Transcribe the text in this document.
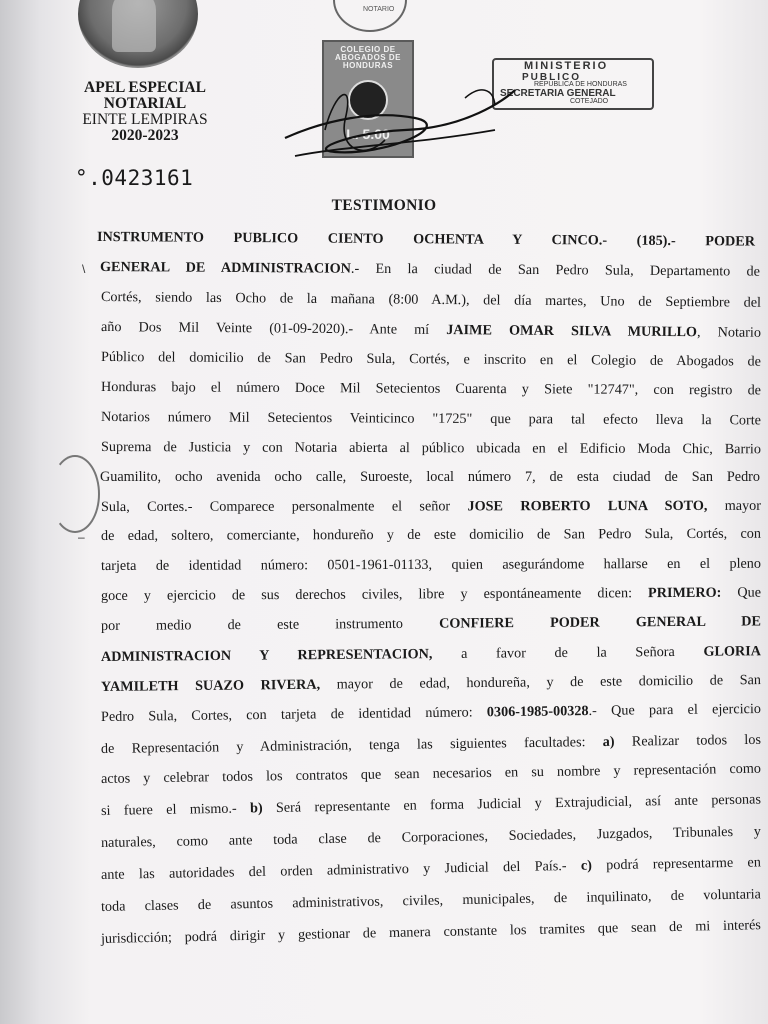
APEL ESPECIAL
NOTARIAL
EINTE LEMPIRAS
2020-2023
°.0423161
NOTARIO
COLEGIO DE ABOGADOS DE HONDURAS
L. 5.00
MINISTERIO
PUBLICO
REPUBLICA DE HONDURAS
SECRETARIA GENERAL
COTEJADO
TESTIMONIO
INSTRUMENTO PUBLICO CIENTO OCHENTA Y CINCO.- (185).- PODER
GENERAL DE ADMINISTRACION.- En la ciudad de San Pedro Sula, Departamento de
Cortés, siendo las Ocho de la mañana (8:00 A.M.), del día martes, Uno de Septiembre del
año Dos Mil Veinte (01-09-2020).- Ante mí JAIME OMAR SILVA MURILLO, Notario
Público del domicilio de San Pedro Sula, Cortés, e inscrito en el Colegio de Abogados de
Honduras bajo el número Doce Mil Setecientos Cuarenta y Siete "12747", con registro de
Notarios número Mil Setecientos Veinticinco "1725" que para tal efecto lleva la Corte
Suprema de Justicia y con Notaria abierta al público ubicada en el Edificio Moda Chic, Barrio
Guamilito, ocho avenida ocho calle, Suroeste, local número 7, de esta ciudad de San Pedro
Sula, Cortes.- Comparece personalmente el señor JOSE ROBERTO LUNA SOTO, mayor
de edad, soltero, comerciante, hondureño y de este domicilio de San Pedro Sula, Cortés, con
tarjeta de identidad número: 0501-1961-01133, quien asegurándome hallarse en el pleno
goce y ejercicio de sus derechos civiles, libre y espontáneamente dicen: PRIMERO: Que
por medio de este instrumento CONFIERE PODER GENERAL DE
ADMINISTRACION Y REPRESENTACION, a favor de la Señora GLORIA
YAMILETH SUAZO RIVERA, mayor de edad, hondureña, y de este domicilio de San
Pedro Sula, Cortes, con tarjeta de identidad número: 0306-1985-00328.- Que para el ejercicio
de Representación y Administración, tenga las siguientes facultades: a) Realizar todos los
actos y celebrar todos los contratos que sean necesarios en su nombre y representación como
si fuere el mismo.- b) Será representante en forma Judicial y Extrajudicial, así ante personas
naturales, como ante toda clase de Corporaciones, Sociedades, Juzgados, Tribunales y
ante las autoridades del orden administrativo y Judicial del País.- c) podrá representarme en
toda clases de asuntos administrativos, civiles, municipales, de inquilinato, de voluntaria
jurisdicción; podrá dirigir y gestionar de manera constante los tramites que sean de mi interés
\
–
